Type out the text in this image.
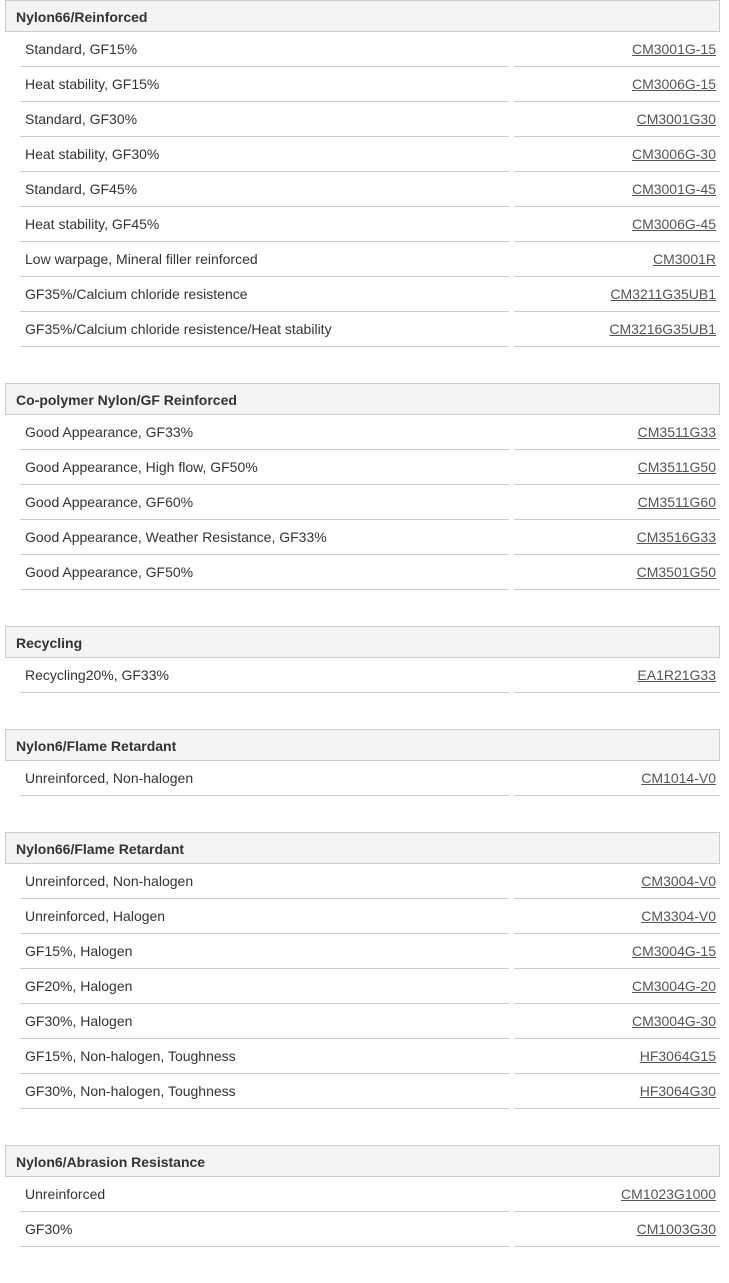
Nylon66/Reinforced
Standard, GF15%	CM3001G-15
Heat stability, GF15%	CM3006G-15
Standard, GF30%	CM3001G30
Heat stability, GF30%	CM3006G-30
Standard, GF45%	CM3001G-45
Heat stability, GF45%	CM3006G-45
Low warpage, Mineral filler reinforced	CM3001R
GF35%/Calcium chloride resistence	CM3211G35UB1
GF35%/Calcium chloride resistence/Heat stability	CM3216G35UB1
Co-polymer Nylon/GF Reinforced
Good Appearance, GF33%	CM3511G33
Good Appearance, High flow, GF50%	CM3511G50
Good Appearance, GF60%	CM3511G60
Good Appearance, Weather Resistance, GF33%	CM3516G33
Good Appearance, GF50%	CM3501G50
Recycling
Recycling20%, GF33%	EA1R21G33
Nylon6/Flame Retardant
Unreinforced, Non-halogen	CM1014-V0
Nylon66/Flame Retardant
Unreinforced, Non-halogen	CM3004-V0
Unreinforced, Halogen	CM3304-V0
GF15%, Halogen	CM3004G-15
GF20%, Halogen	CM3004G-20
GF30%, Halogen	CM3004G-30
GF15%, Non-halogen, Toughness	HF3064G15
GF30%, Non-halogen, Toughness	HF3064G30
Nylon6/Abrasion Resistance
Unreinforced	CM1023G1000
GF30%	CM1003G30
